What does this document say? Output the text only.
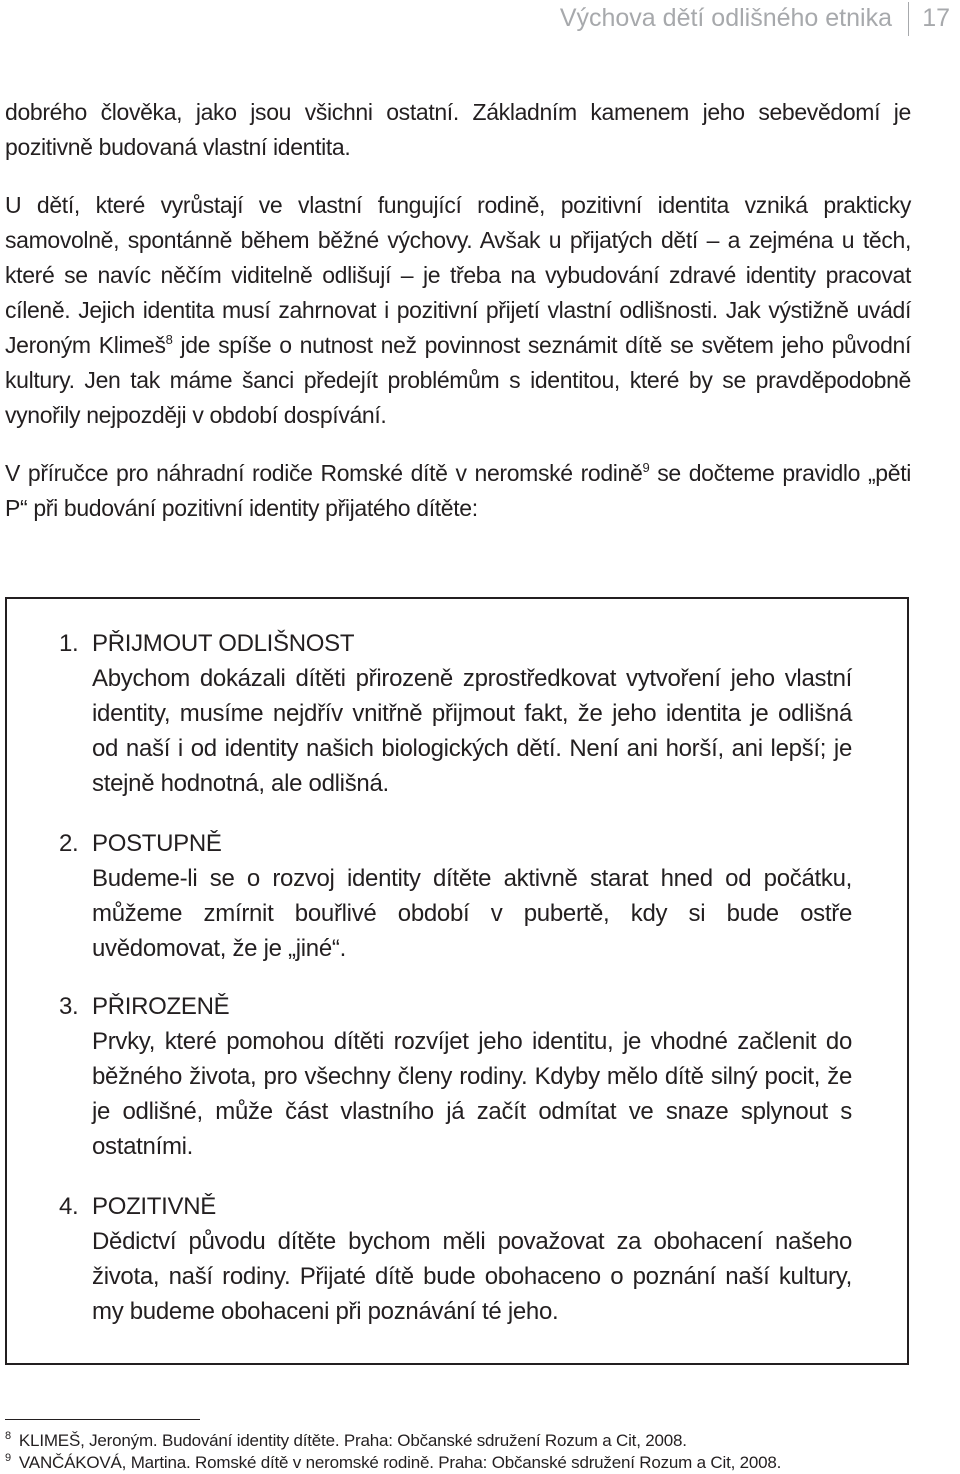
Výchova dětí odlišného etnika 17

dobrého člověka, jako jsou všichni ostatní. Základním kamenem jeho sebevědomí je pozitivně budovaná vlastní identita.

U dětí, které vyrůstají ve vlastní fungující rodině, pozitivní identita vzniká prakticky samovolně, spontánně během běžné výchovy. Avšak u přijatých dětí – a zejména u těch, které se navíc něčím viditelně odlišují – je třeba na vybudování zdravé identity pracovat cíleně. Jejich identita musí zahrnovat i pozitivní přijetí vlastní odlišnosti. Jak výstižně uvádí Jeroným Klimeš$^8$ jde spíše o nutnost než povinnost seznámit dítě se světem jeho původní kultury. Jen tak máme šanci předejít problémům s identitou, které by se pravděpodobně vynořily nejpozději v období dospívání.

V příručce pro náhradní rodiče Romské dítě v neromské rodině$^9$ se dočteme pravidlo „pěti P“ při budování pozitivní identity přijatého dítěte:

1. PŘIJMOUT ODLIŠNOST
Abychom dokázali dítěti přirozeně zprostředkovat vytvoření jeho vlastní identity, musíme nejdřív vnitřně přijmout fakt, že jeho identita je odlišná od naší i od identity našich biologických dětí. Není ani horší, ani lepší; je stejně hodnotná, ale odlišná.
2. POSTUPNĚ
Budeme-li se o rozvoj identity dítěte aktivně starat hned od počátku, můžeme zmírnit bouřlivé období v pubertě, kdy si bude ostře uvědomovat, že je „jiné“.
3. PŘIROZENĚ
Prvky, které pomohou dítěti rozvíjet jeho identitu, je vhodné začlenit do běžného života, pro všechny členy rodiny. Kdyby mělo dítě silný pocit, že je odlišné, může část vlastního já začít odmítat ve snaze splynout s ostatními.
4. POZITIVNĚ
Dědictví původu dítěte bychom měli považovat za obohacení našeho života, naší rodiny. Přijaté dítě bude obohaceno o poznání naší kultury, my budeme obohaceni při poznávání té jeho.
$^8$ KLIMEŠ, Jeroným. Budování identity dítěte. Praha: Občanské sdružení Rozum a Cit, 2008.
$^9$ VANČÁKOVÁ, Martina. Romské dítě v neromské rodině. Praha: Občanské sdružení Rozum a Cit, 2008.
